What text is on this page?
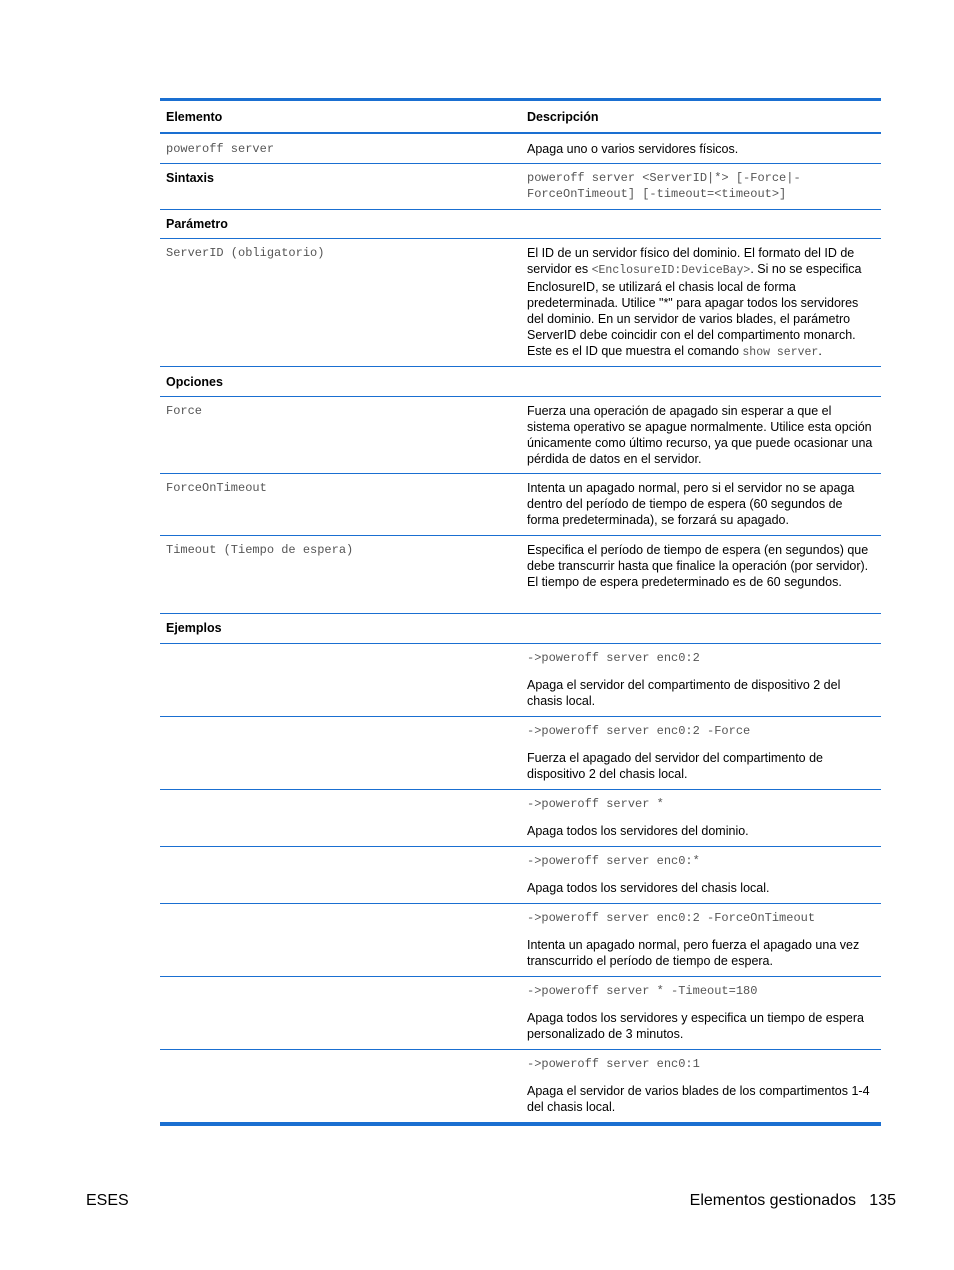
Elemento	Descripción
poweroff server	Apaga uno o varios servidores físicos.
Sintaxis	poweroff server <ServerID|*> [-Force|-ForceOnTimeout] [-timeout=<timeout>]
Parámetro
ServerID (obligatorio)	El ID de un servidor físico del dominio. El formato del ID de servidor es <EnclosureID:DeviceBay>. Si no se especifica EnclosureID, se utilizará el chasis local de forma predeterminada. Utilice "*" para apagar todos los servidores del dominio. En un servidor de varios blades, el parámetro ServerID debe coincidir con el del compartimento monarch. Este es el ID que muestra el comando show server.
Opciones
Force	Fuerza una operación de apagado sin esperar a que el sistema operativo se apague normalmente. Utilice esta opción únicamente como último recurso, ya que puede ocasionar una pérdida de datos en el servidor.
ForceOnTimeout	Intenta un apagado normal, pero si el servidor no se apaga dentro del período de tiempo de espera (60 segundos de forma predeterminada), se forzará su apagado.
Timeout (Tiempo de espera)	Especifica el período de tiempo de espera (en segundos) que debe transcurrir hasta que finalice la operación (por servidor). El tiempo de espera predeterminado es de 60 segundos.
Ejemplos
->poweroff server enc0:2
Apaga el servidor del compartimento de dispositivo 2 del chasis local.
->poweroff server enc0:2 -Force
Fuerza el apagado del servidor del compartimento de dispositivo 2 del chasis local.
->poweroff server *
Apaga todos los servidores del dominio.
->poweroff server enc0:*
Apaga todos los servidores del chasis local.
->poweroff server enc0:2 -ForceOnTimeout
Intenta un apagado normal, pero fuerza el apagado una vez transcurrido el período de tiempo de espera.
->poweroff server * -Timeout=180
Apaga todos los servidores y especifica un tiempo de espera personalizado de 3 minutos.
->poweroff server enc0:1
Apaga el servidor de varios blades de los compartimentos 1-4 del chasis local.
ESES	Elementos gestionados   135
